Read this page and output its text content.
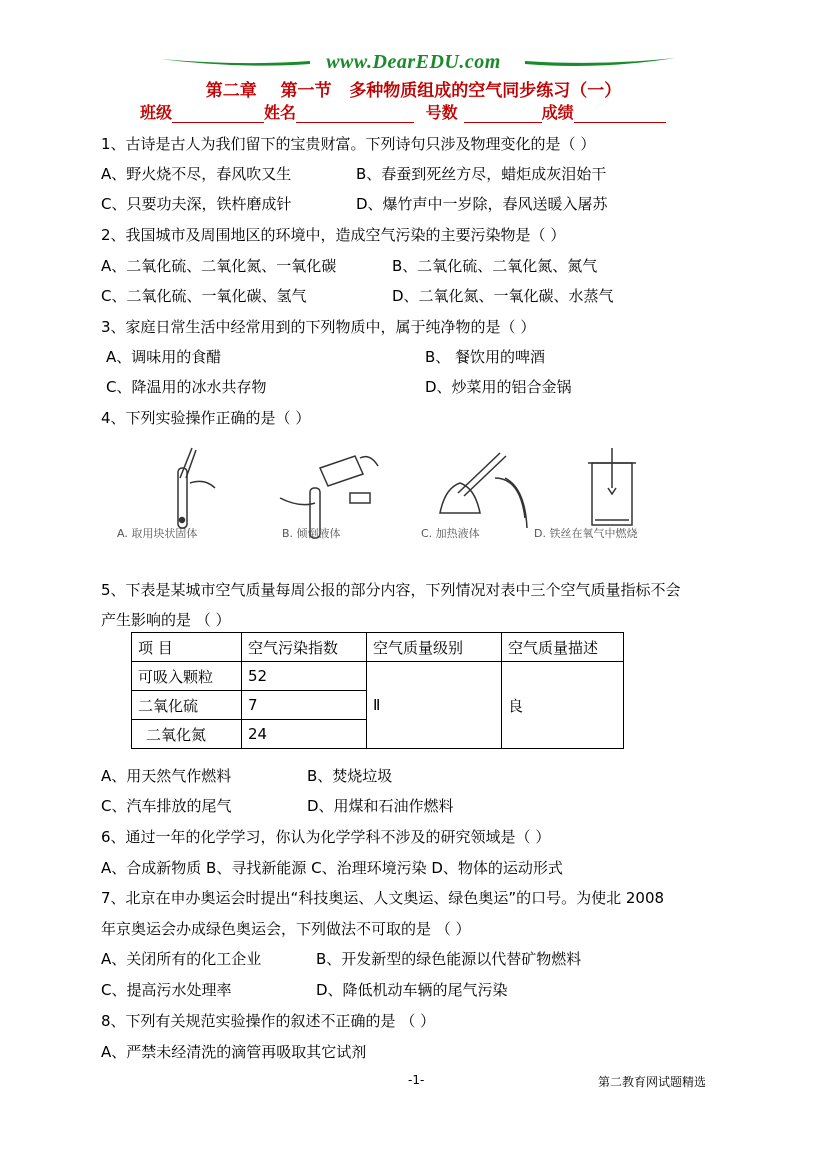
www.DearEDU.com
第二章    第一节   多种物质组成的空气同步练习（一）
班级	姓名	号数	成绩
1、古诗是古人为我们留下的宝贵财富。下列诗句只涉及物理变化的是（ ）
A、野火烧不尽，春风吹又生	B、春蚕到死丝方尽，蜡炬成灰泪始干
C、只要功夫深，铁杵磨成针	D、爆竹声中一岁除，春风送暖入屠苏
2、我国城市及周围地区的环境中，造成空气污染的主要污染物是（ ）
A、二氧化硫、二氧化氮、一氧化碳	B、二氧化硫、二氧化氮、氮气
C、二氧化硫、一氧化碳、氢气	D、二氧化氮、一氧化碳、水蒸气
3、家庭日常生活中经常用到的下列物质中，属于纯净物的是（ ）
A、调味用的食醋	B、 餐饮用的啤酒
C、降温用的冰水共存物	D、炒菜用的铝合金锅
4、下列实验操作正确的是（ ）
A. 取用块状固体	B. 倾倒液体	C. 加热液体	D. 铁丝在氧气中燃烧
5、下表是某城市空气质量每周公报的部分内容，下列情况对表中三个空气质量指标不会
产生影响的是 （ ）
项 目	空气污染指数	空气质量级别	空气质量描述
可吸入颗粒	52	Ⅱ	良
二氧化硫	7		
二氧化氮	24		
A、用天然气作燃料	B、焚烧垃圾
C、汽车排放的尾气	D、用煤和石油作燃料
6、通过一年的化学学习，你认为化学学科不涉及的研究领域是（ ）
A、合成新物质 B、寻找新能源 C、治理环境污染 D、物体的运动形式
7、北京在申办奥运会时提出“科技奥运、人文奥运、绿色奥运”的口号。为使北 2008
年京奥运会办成绿色奥运会，下列做法不可取的是 （ ）
A、关闭所有的化工企业	B、开发新型的绿色能源以代替矿物燃料
C、提高污水处理率	D、降低机动车辆的尾气污染
8、下列有关规范实验操作的叙述不正确的是 （ ）
A、严禁未经清洗的滴管再吸取其它试剂
-1-	第二教育网试题精选
